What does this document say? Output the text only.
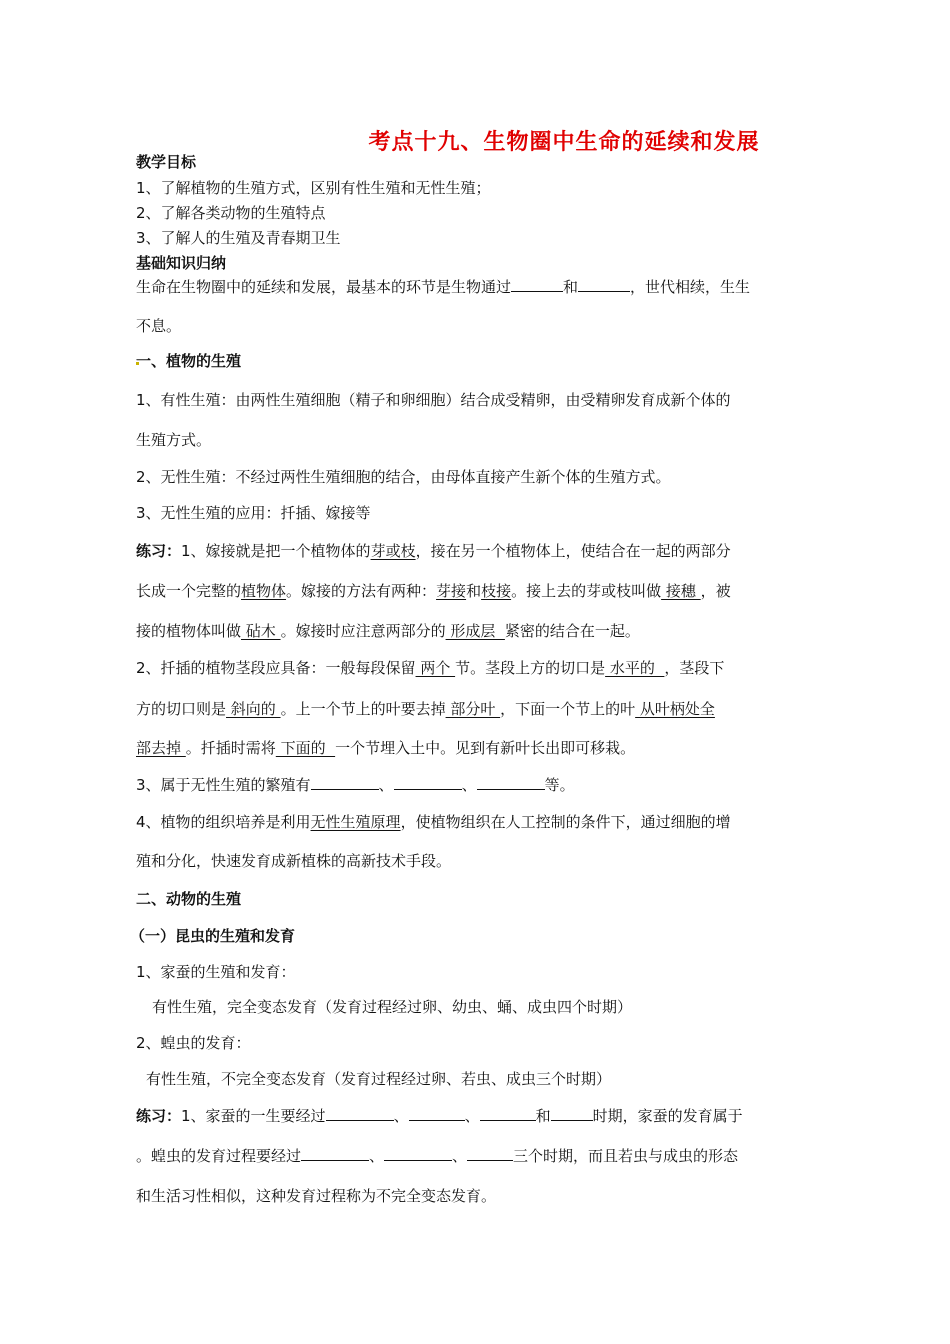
考点十九、生物圈中生命的延续和发展
教学目标
1、了解植物的生殖方式，区别有性生殖和无性生殖；
2、了解各类动物的生殖特点
3、了解人的生殖及青春期卫生
基础知识归纳
生命在生物圈中的延续和发展，最基本的环节是生物通过	和	，世代相续，生生
不息。
一、植物的生殖
1、有性生殖：由两性生殖细胞（精子和卵细胞）结合成受精卵，由受精卵发育成新个体的
生殖方式。
2、无性生殖：不经过两性生殖细胞的结合，由母体直接产生新个体的生殖方式。
3、无性生殖的应用：扦插、嫁接等
练习：1、嫁接就是把一个植物体的芽或枝，接在另一个植物体上，使结合在一起的两部分
长成一个完整的植物体。嫁接的方法有两种：芽接和枝接。接上去的芽或枝叫做 接穗 ，被
接的植物体叫做 砧木 。嫁接时应注意两部分的 形成层  紧密的结合在一起。
2、扦插的植物茎段应具备：一般每段保留 两个 节。茎段上方的切口是 水平的  ，茎段下
方的切口则是 斜向的 。上一个节上的叶要去掉 部分叶 ，下面一个节上的叶 从叶柄处全
部去掉 。扦插时需将 下面的  一个节埋入土中。见到有新叶长出即可移栽。
3、属于无性生殖的繁殖有	、	、	等。
4、植物的组织培养是利用无性生殖原理，使植物组织在人工控制的条件下，通过细胞的增
殖和分化，快速发育成新植株的高新技术手段。
二、动物的生殖
（一）昆虫的生殖和发育
1、家蚕的生殖和发育：
有性生殖，完全变态发育（发育过程经过卵、幼虫、蛹、成虫四个时期）
2、蝗虫的发育：
有性生殖，不完全变态发育（发育过程经过卵、若虫、成虫三个时期）
练习：1、家蚕的一生要经过	、	、	和	时期，家蚕的发育属于
。蝗虫的发育过程要经过	、	、	三个时期，而且若虫与成虫的形态
和生活习性相似，这种发育过程称为不完全变态发育。
